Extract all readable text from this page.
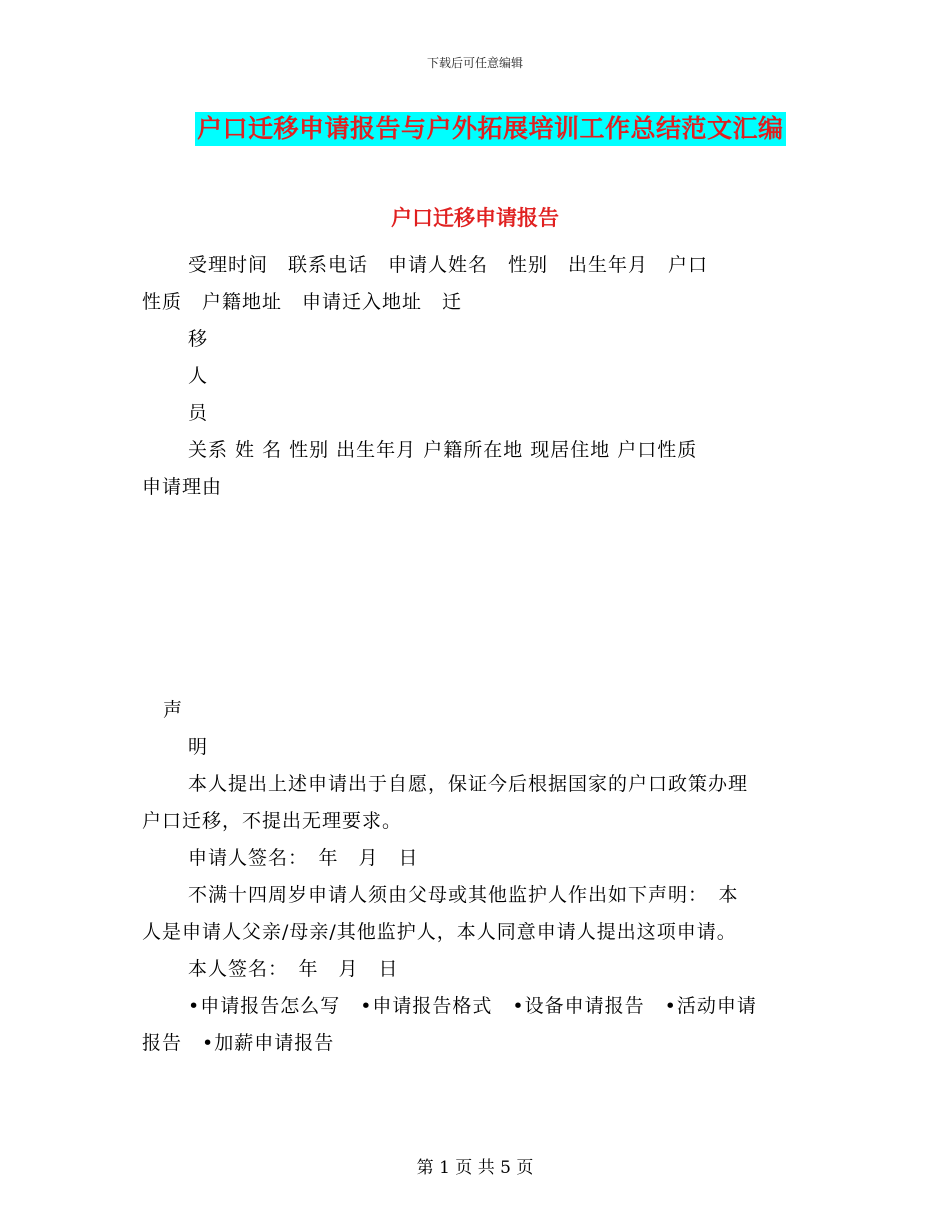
下载后可任意编辑
户口迁移申请报告与户外拓展培训工作总结范文汇编
户口迁移申请报告
受理时间　联系电话　申请人姓名　性别　出生年月　户口
性质　户籍地址　申请迁入地址　迁
移
人
员
关系 姓 名 性别 出生年月 户籍所在地 现居住地 户口性质
申请理由
声
明
本人提出上述申请出于自愿，保证今后根据国家的户口政策办理
户口迁移，不提出无理要求。
申请人签名：　年　月　日
不满十四周岁申请人须由父母或其他监护人作出如下声明：　本
人是申请人父亲/母亲/其他监护人，本人同意申请人提出这项申请。
本人签名：　年　月　日
•申请报告怎么写　•申请报告格式　•设备申请报告　•活动申请
报告　•加薪申请报告
第 1 页 共 5 页
